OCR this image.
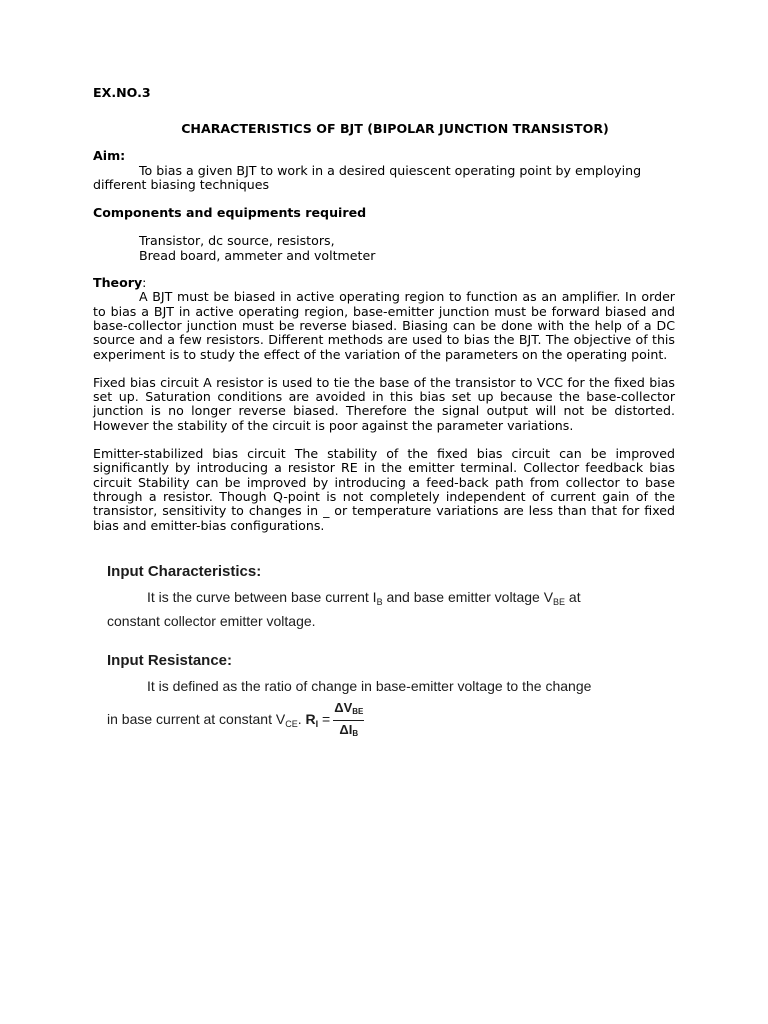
EX.NO.3
CHARACTERISTICS OF BJT (BIPOLAR JUNCTION TRANSISTOR)
Aim:

To bias a given BJT to work in a desired quiescent operating point by employing different biasing techniques

Components and equipments required
Transistor, dc source, resistors,
Bread board, ammeter and voltmeter
Theory:

A BJT must be biased in active operating region to function as an amplifier. In order to bias a BJT in active operating region, base-emitter junction must be forward biased and base-collector junction must be reverse biased. Biasing can be done with the help of a DC source and a few resistors. Different methods are used to bias the BJT. The objective of this experiment is to study the effect of the variation of the parameters on the operating point.

Fixed bias circuit A resistor is used to tie the base of the transistor to VCC for the fixed bias set up. Saturation conditions are avoided in this bias set up because the base-collector junction is no longer reverse biased. Therefore the signal output will not be distorted. However the stability of the circuit is poor against the parameter variations.

Emitter-stabilized bias circuit The stability of the fixed bias circuit can be improved significantly by introducing a resistor RE in the emitter terminal. Collector feedback bias circuit Stability can be improved by introducing a feed-back path from collector to base through a resistor. Though Q-point is not completely independent of current gain of the transistor, sensitivity to changes in _ or temperature variations are less than that for fixed bias and emitter-bias configurations.

Input Characteristics:
It is the curve between base current $I_B$ and base emitter voltage $V_{BE}$ at
constant collector emitter voltage.
Input Resistance:
It is defined as the ratio of change in base-emitter voltage to the change
in base current at constant $V_{CE}$. $R_I = \frac{\text{ΔVBE}}{\text{ΔIB}}$
